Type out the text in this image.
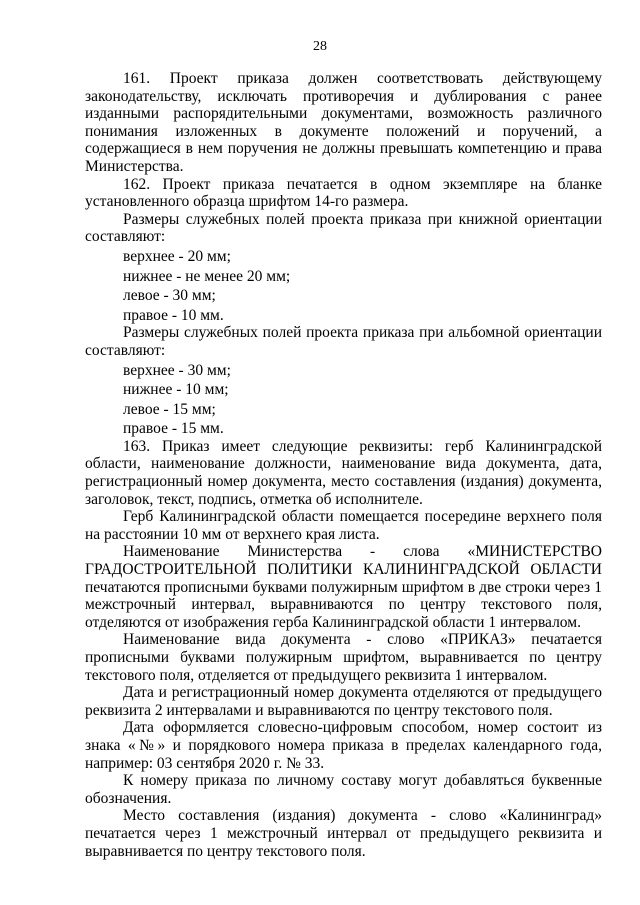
28

161. Проект приказа должен соответствовать действующему законодательству, исключать противоречия и дублирования с ранее изданными распорядительными документами, возможность различного понимания изложенных в документе положений и поручений, а содержащиеся в нем поручения не должны превышать компетенцию и права Министерства.

162. Проект приказа печатается в одном экземпляре на бланке установленного образца шрифтом 14-го размера.

Размеры служебных полей проекта приказа при книжной ориентации составляют:

верхнее - 20 мм;

нижнее - не менее 20 мм;

левое - 30 мм;

правое - 10 мм.

Размеры служебных полей проекта приказа при альбомной ориентации составляют:

верхнее - 30 мм;

нижнее - 10 мм;

левое - 15 мм;

правое - 15 мм.

163. Приказ имеет следующие реквизиты: герб Калининградской области, наименование должности, наименование вида документа, дата, регистрационный номер документа, место составления (издания) документа, заголовок, текст, подпись, отметка об исполнителе.

Герб Калининградской области помещается посередине верхнего поля на расстоянии 10 мм от верхнего края листа.

Наименование Министерства - слова «МИНИСТЕРСТВО ГРАДОСТРОИТЕЛЬНОЙ ПОЛИТИКИ КАЛИНИНГРАДСКОЙ ОБЛАСТИ печатаются прописными буквами полужирным шрифтом в две строки через 1 межстрочный интервал, выравниваются по центру текстового поля, отделяются от изображения герба Калининградской области 1 интервалом.

Наименование вида документа - слово «ПРИКАЗ» печатается прописными буквами полужирным шрифтом, выравнивается по центру текстового поля, отделяется от предыдущего реквизита 1 интервалом.

Дата и регистрационный номер документа отделяются от предыдущего реквизита 2 интервалами и выравниваются по центру текстового поля.

Дата оформляется словесно-цифровым способом, номер состоит из знака «№» и порядкового номера приказа в пределах календарного года, например: 03 сентября 2020 г. № 33.

К номеру приказа по личному составу могут добавляться буквенные обозначения.

Место составления (издания) документа - слово «Калининград» печатается через 1 межстрочный интервал от предыдущего реквизита и выравнивается по центру текстового поля.
